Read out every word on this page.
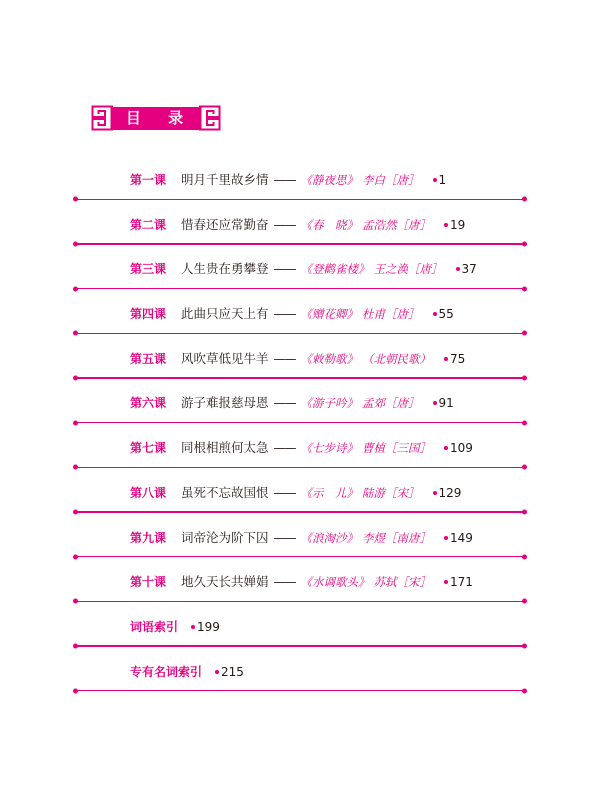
目 录
第一课 明月千里故乡情 —— 《静夜思》 李白［唐］ 1
第二课 惜春还应常勤奋 —— 《春　晓》 孟浩然［唐］ 19
第三课 人生贵在勇攀登 —— 《登鹳雀楼》 王之涣［唐］ 37
第四课 此曲只应天上有 —— 《赠花卿》 杜甫［唐］ 55
第五课 风吹草低见牛羊 —— 《敕勒歌》 （北朝民歌） 75
第六课 游子难报慈母恩 —— 《游子吟》 孟郊［唐］ 91
第七课 同根相煎何太急 —— 《七步诗》 曹植［三国］ 109
第八课 虽死不忘故国恨 —— 《示　儿》 陆游［宋］ 129
第九课 词帝沦为阶下囚 —— 《浪淘沙》 李煜［南唐］ 149
第十课 地久天长共婵娟 —— 《水调歌头》 苏轼［宋］ 171
词语索引 199
专有名词索引 215
